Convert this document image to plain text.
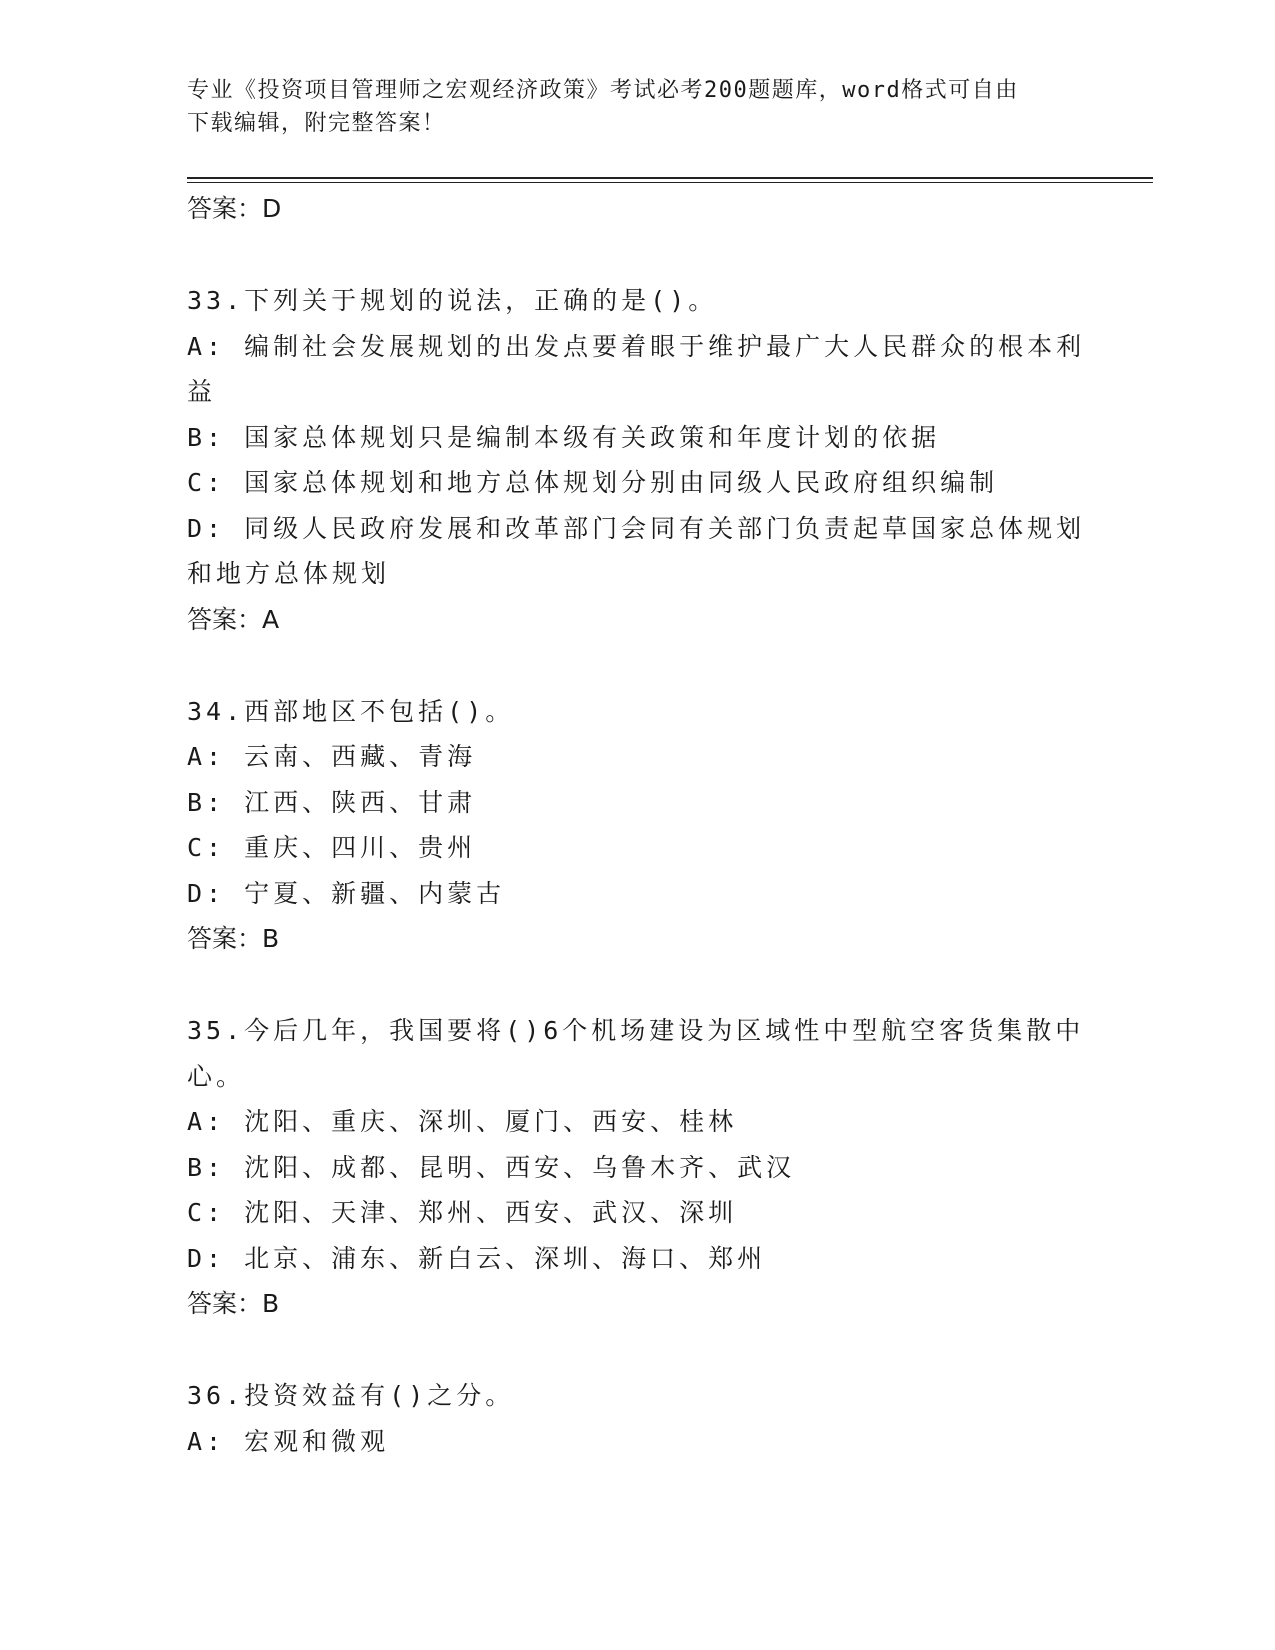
专业《投资项目管理师之宏观经济政策》考试必考200题题库，word格式可自由
下载编辑，附完整答案！

答案：D

33.下列关于规划的说法，正确的是()。

A: 编制社会发展规划的出发点要着眼于维护最广大人民群众的根本利益

B: 国家总体规划只是编制本级有关政策和年度计划的依据

C: 国家总体规划和地方总体规划分别由同级人民政府组织编制

D: 同级人民政府发展和改革部门会同有关部门负责起草国家总体规划和地方总体规划

答案：A

34.西部地区不包括()。

A: 云南、西藏、青海

B: 江西、陕西、甘肃

C: 重庆、四川、贵州

D: 宁夏、新疆、内蒙古

答案：B

35.今后几年，我国要将()6个机场建设为区域性中型航空客货集散中心。

A: 沈阳、重庆、深圳、厦门、西安、桂林

B: 沈阳、成都、昆明、西安、乌鲁木齐、武汉

C: 沈阳、天津、郑州、西安、武汉、深圳

D: 北京、浦东、新白云、深圳、海口、郑州

答案：B

36.投资效益有()之分。

A: 宏观和微观
